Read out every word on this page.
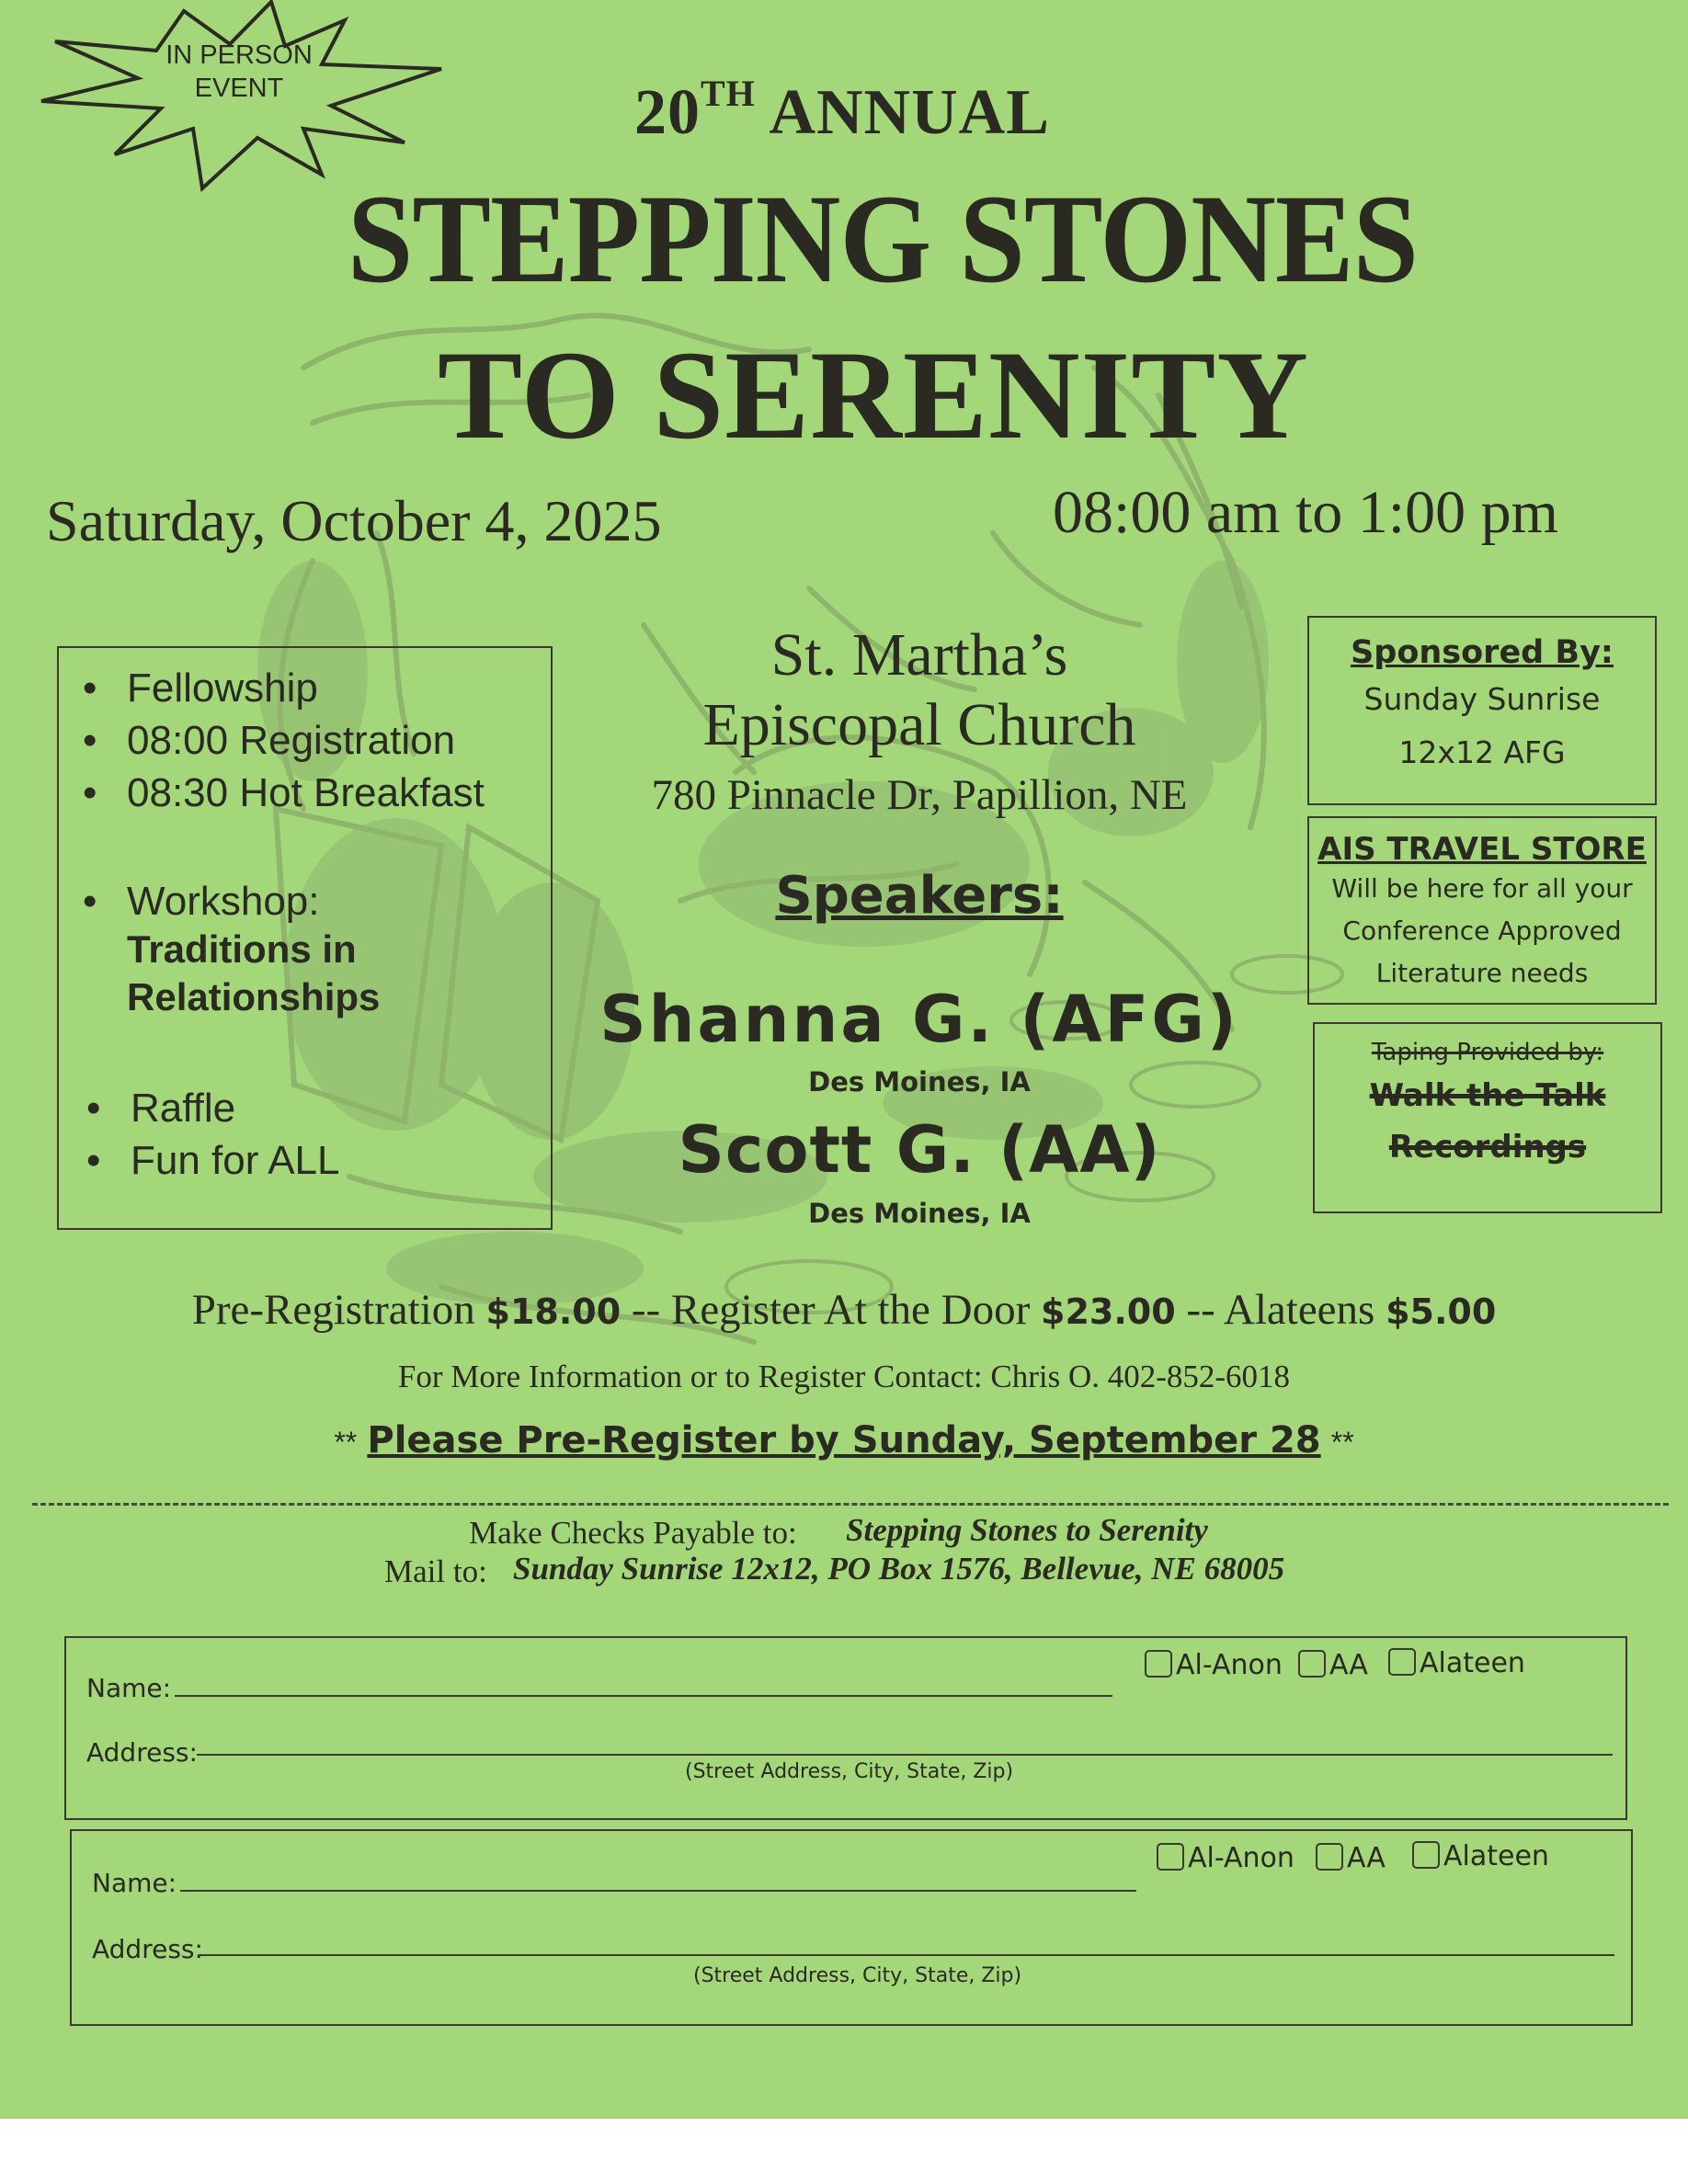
IN PERSON
EVENT	20TH ANNUAL
STEPPING STONES
TO SERENITY
Saturday, October 4, 2025	08:00 am to 1:00 pm
• Fellowship
• 08:00 Registration
• 08:30 Hot Breakfast
• Workshop:
Traditions in
Relationships
• Raffle
• Fun for ALL
St. Martha’s
Episcopal Church
780 Pinnacle Dr, Papillion, NE
Speakers:
Shanna G. (AFG)
Des Moines, IA
Scott G. (AA)
Des Moines, IA
Sponsored By:
Sunday Sunrise
12x12 AFG
AIS TRAVEL STORE
Will be here for all your
Conference Approved
Literature needs
Taping Provided by:
Walk the Talk
Recordings
Pre-Registration $18.00 -- Register At the Door $23.00 -- Alateens $5.00
For More Information or to Register Contact: Chris O. 402-852-6018
** Please Pre-Register by Sunday, September 28 **
Make Checks Payable to: Stepping Stones to Serenity
Mail to: Sunday Sunrise 12x12, PO Box 1576, Bellevue, NE 68005
Name:
Al-Anon	AA	Alateen
Address:
(Street Address, City, State, Zip)
Name:
Al-Anon	AA	Alateen
Address:
(Street Address, City, State, Zip)
